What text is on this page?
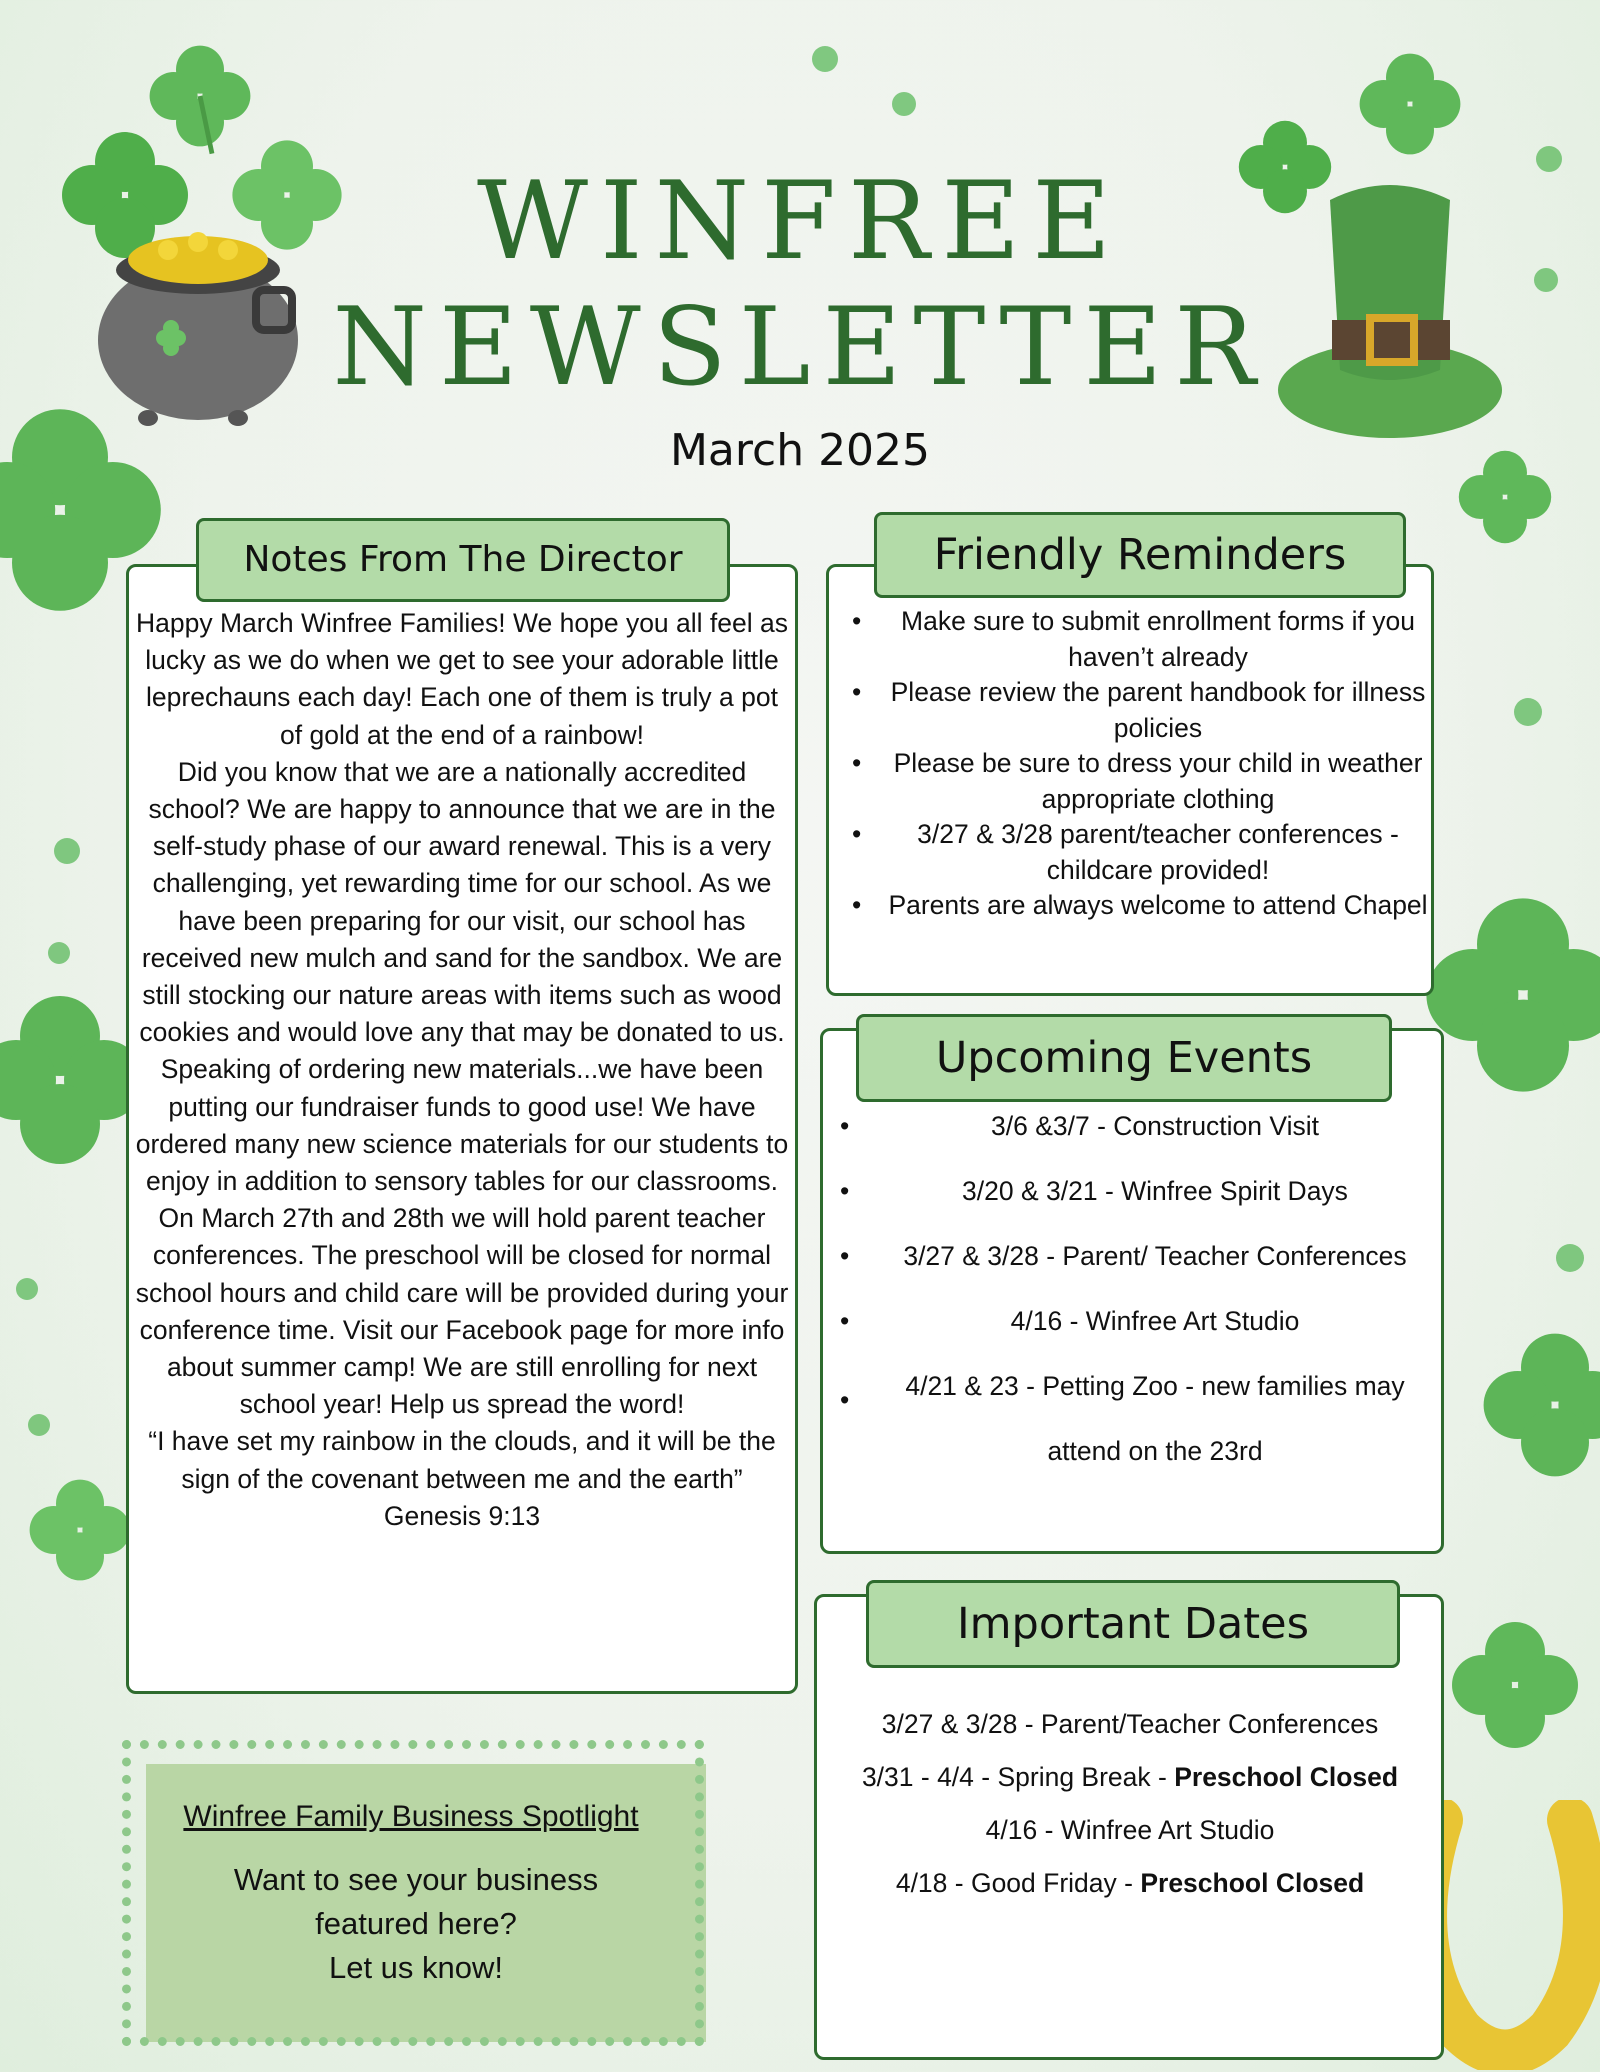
WINFREE
NEWSLETTER
March 2025
Notes From The Director

Happy March Winfree Families! We hope you all feel as lucky as we do when we get to see your adorable little leprechauns each day! Each one of them is truly a pot of gold at the end of a rainbow!

Did you know that we are a nationally accredited school? We are happy to announce that we are in the self-study phase of our award renewal. This is a very challenging, yet rewarding time for our school. As we have been preparing for our visit, our school has received new mulch and sand for the sandbox. We are still stocking our nature areas with items such as wood cookies and would love any that may be donated to us. Speaking of ordering new materials...we have been putting our fundraiser funds to good use! We have ordered many new science materials for our students to enjoy in addition to sensory tables for our classrooms. On March 27th and 28th we will hold parent teacher conferences. The preschool will be closed for normal school hours and child care will be provided during your conference time. Visit our Facebook page for more info about summer camp! We are still enrolling for next school year! Help us spread the word!

“I have set my rainbow in the clouds, and it will be the sign of the covenant between me and the earth”

Genesis 9:13

Friendly Reminders
• Make sure to submit enrollment forms if you haven’t already
• Please review the parent handbook for illness policies
• Please be sure to dress your child in weather appropriate clothing
• 3/27 & 3/28 parent/teacher conferences - childcare provided!
• Parents are always welcome to attend Chapel
Upcoming Events
•	3/6 &3/7 - Construction Visit
•	3/20 & 3/21 - Winfree Spirit Days
• 3/27 & 3/28 - Parent/ Teacher Conferences
•	4/16 - Winfree Art Studio
• 4/21 & 23 - Petting Zoo - new families may attend on the 23rd
Important Dates
3/27 & 3/28 - Parent/Teacher Conferences
3/31 - 4/4 - Spring Break - Preschool Closed
4/16 - Winfree Art Studio
4/18 - Good Friday - Preschool Closed
Winfree Family Business Spotlight
Want to see your business
featured here?
Let us know!
